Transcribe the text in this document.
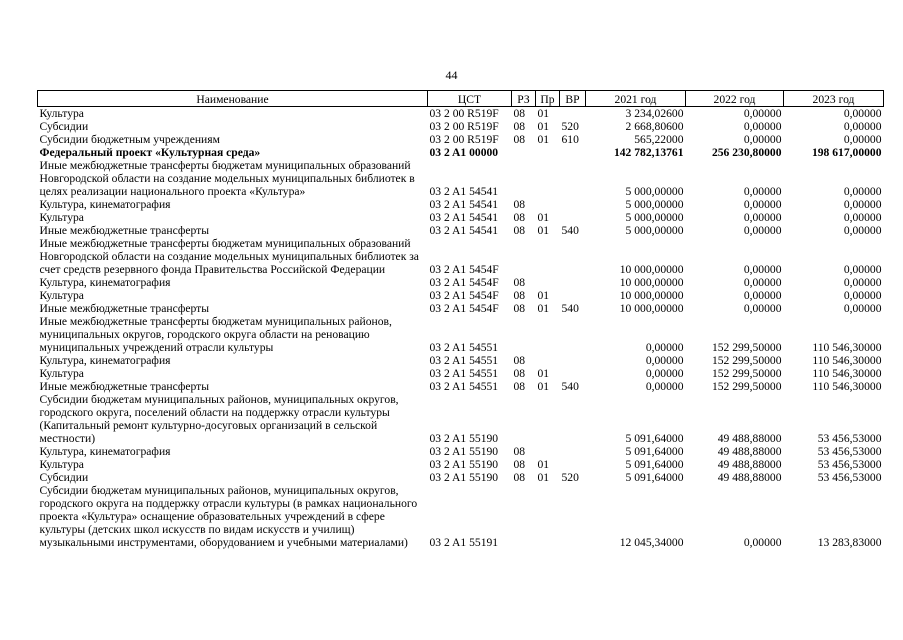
44
Наименование	ЦСТ	РЗ	Пр	ВР	2021 год	2022 год	2023 год
Культура	03 2 00 R519F	08	01		3 234,02600	0,00000	0,00000
Субсидии	03 2 00 R519F	08	01	520	2 668,80600	0,00000	0,00000
Субсидии бюджетным учреждениям	03 2 00 R519F	08	01	610	565,22000	0,00000	0,00000
Федеральный проект «Культурная среда»	03 2 A1 00000				142 782,13761	256 230,80000	198 617,00000
Иные межбюджетные трансферты бюджетам муниципальных образований Новгородской области на создание модельных муниципальных библиотек в целях реализации национального проекта «Культура»	03 2 A1 54541				5 000,00000	0,00000	0,00000
Культура, кинематография	03 2 A1 54541	08			5 000,00000	0,00000	0,00000
Культура	03 2 A1 54541	08	01		5 000,00000	0,00000	0,00000
Иные межбюджетные трансферты	03 2 A1 54541	08	01	540	5 000,00000	0,00000	0,00000
Иные межбюджетные трансферты бюджетам муниципальных образований Новгородской области на создание модельных муниципальных библиотек за счет средств резервного фонда Правительства Российской Федерации	03 2 A1 5454F				10 000,00000	0,00000	0,00000
Культура, кинематография	03 2 A1 5454F	08			10 000,00000	0,00000	0,00000
Культура	03 2 A1 5454F	08	01		10 000,00000	0,00000	0,00000
Иные межбюджетные трансферты	03 2 A1 5454F	08	01	540	10 000,00000	0,00000	0,00000
Иные межбюджетные трансферты бюджетам муниципальных районов, муниципальных округов, городского округа области на реновацию муниципальных учреждений отрасли культуры	03 2 A1 54551				0,00000	152 299,50000	110 546,30000
Культура, кинематография	03 2 A1 54551	08			0,00000	152 299,50000	110 546,30000
Культура	03 2 A1 54551	08	01		0,00000	152 299,50000	110 546,30000
Иные межбюджетные трансферты	03 2 A1 54551	08	01	540	0,00000	152 299,50000	110 546,30000
Субсидии бюджетам муниципальных районов, муниципальных округов, городского округа, поселений области на поддержку отрасли культуры (Капитальный ремонт культурно-досуговых организаций в сельской местности)	03 2 A1 55190				5 091,64000	49 488,88000	53 456,53000
Культура, кинематография	03 2 A1 55190	08			5 091,64000	49 488,88000	53 456,53000
Культура	03 2 A1 55190	08	01		5 091,64000	49 488,88000	53 456,53000
Субсидии	03 2 A1 55190	08	01	520	5 091,64000	49 488,88000	53 456,53000
Субсидии бюджетам муниципальных районов, муниципальных округов, городского округа на поддержку отрасли культуры (в рамках национального проекта «Культура» оснащение образовательных учреждений в сфере культуры (детских школ искусств по видам искусств и училищ) музыкальными инструментами, оборудованием и учебными материалами)	03 2 A1 55191				12 045,34000	0,00000	13 283,83000
